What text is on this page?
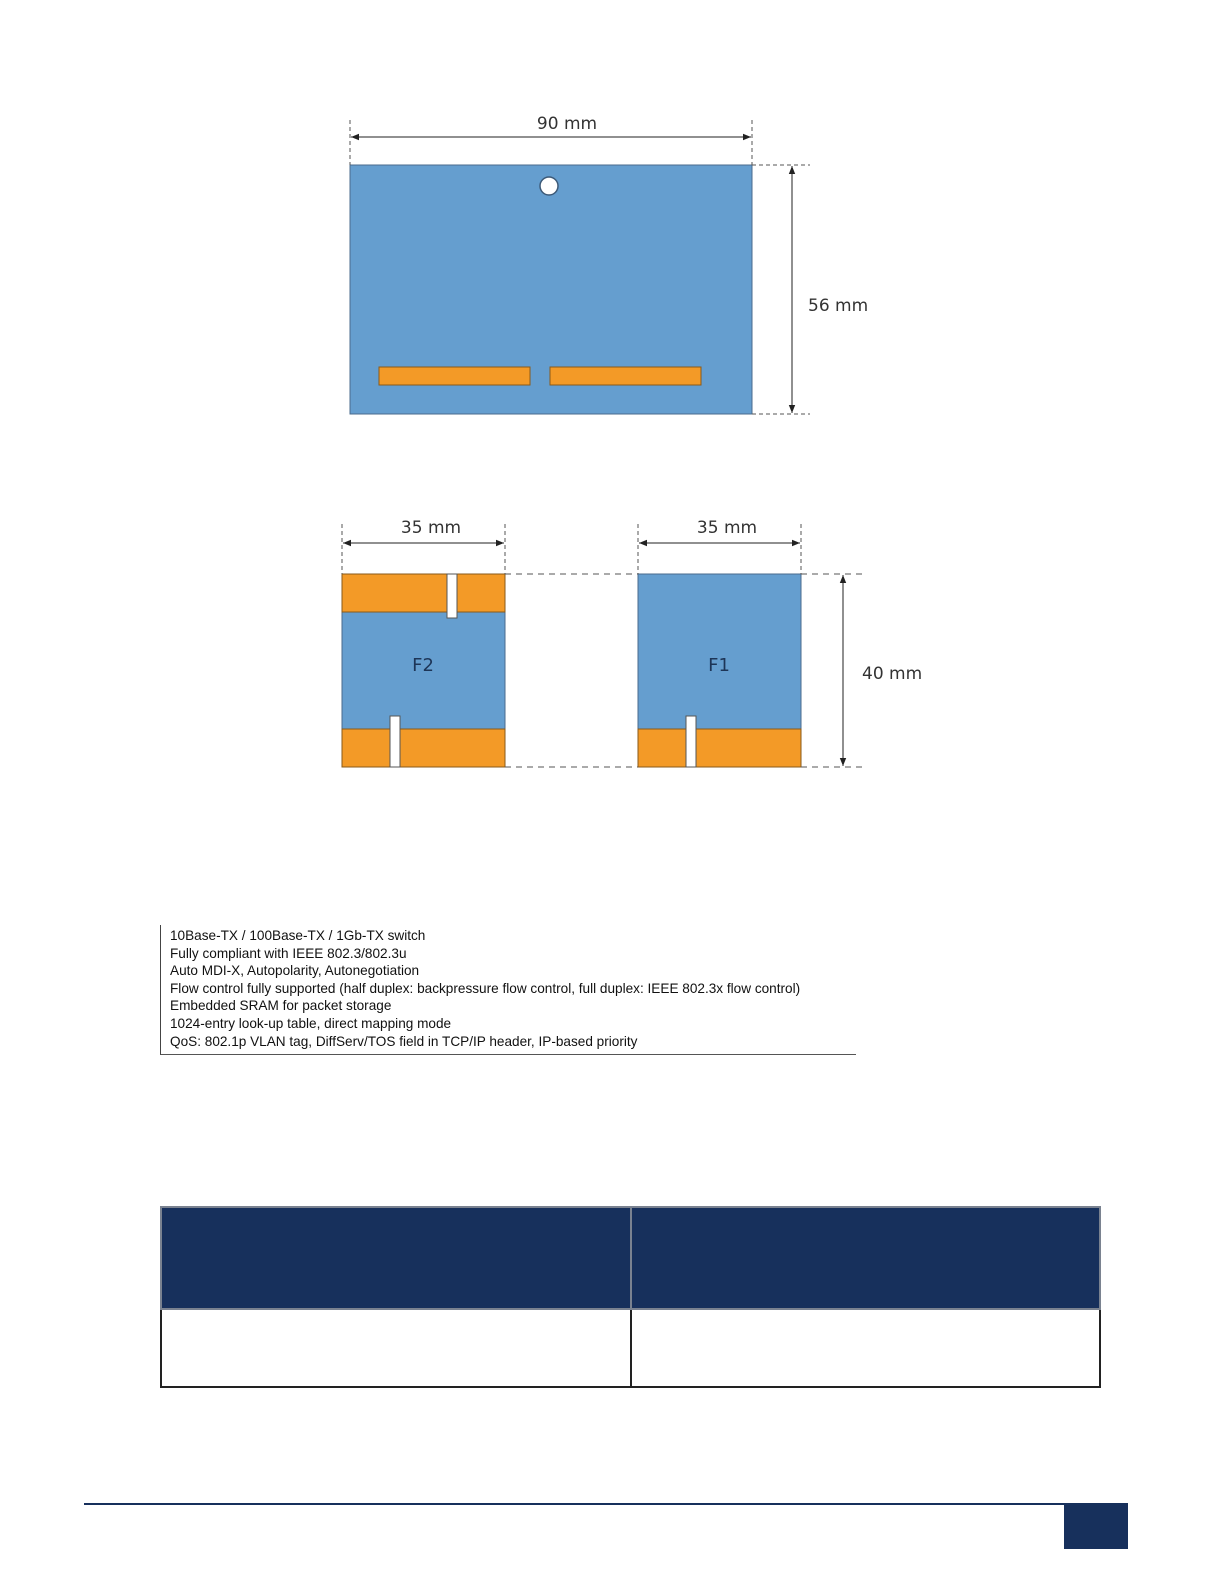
90 mm
56 mm
F2
35 mm
F1
35 mm
40 mm
10Base-TX / 100Base-TX / 1Gb-TX switch
Fully compliant with IEEE 802.3/802.3u
Auto MDI-X, Autopolarity, Autonegotiation
Flow control fully supported (half duplex: backpressure flow control, full duplex: IEEE 802.3x flow control)
Embedded SRAM for packet storage
1024-entry look-up table, direct mapping mode
QoS: 802.1p VLAN tag, DiffServ/TOS field in TCP/IP header, IP-based priority
